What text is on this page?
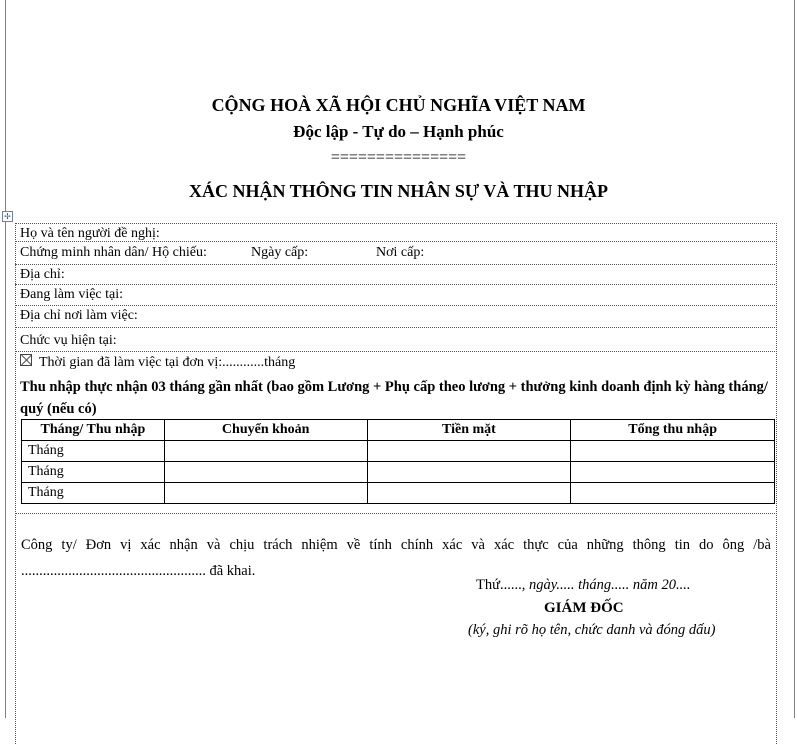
CỘNG HOÀ XÃ HỘI CHỦ NGHĨA VIỆT NAM
Độc lập - Tự do – Hạnh phúc
===============
XÁC NHẬN THÔNG TIN NHÂN SỰ VÀ THU NHẬP
✢
Họ và tên người đề nghị:
Chứng minh nhân dân/ Hộ chiếu:	Ngày cấp:	Nơi cấp:
Địa chỉ:
Đang làm việc tại:
Địa chỉ nơi làm việc:
Chức vụ hiện tại:
Thời gian đã làm việc tại đơn vị:............tháng
Thu nhập thực nhận 03 tháng gần nhất (bao gồm Lương + Phụ cấp theo lương + thưởng kinh doanh định kỳ hàng tháng/ quý (nếu có)
Tháng/ Thu nhập	Chuyển khoản	Tiền mặt	Tổng thu nhập
Tháng			
Tháng			
Tháng			
Công ty/ Đơn vị xác nhận và chịu trách nhiệm về tính chính xác và xác thực của những thông tin do ông /bà ................................................... đã khai.
Thứ......, ngày..... tháng..... năm 20....
GIÁM ĐỐC
(ký, ghi rõ họ tên, chức danh và đóng dấu)
